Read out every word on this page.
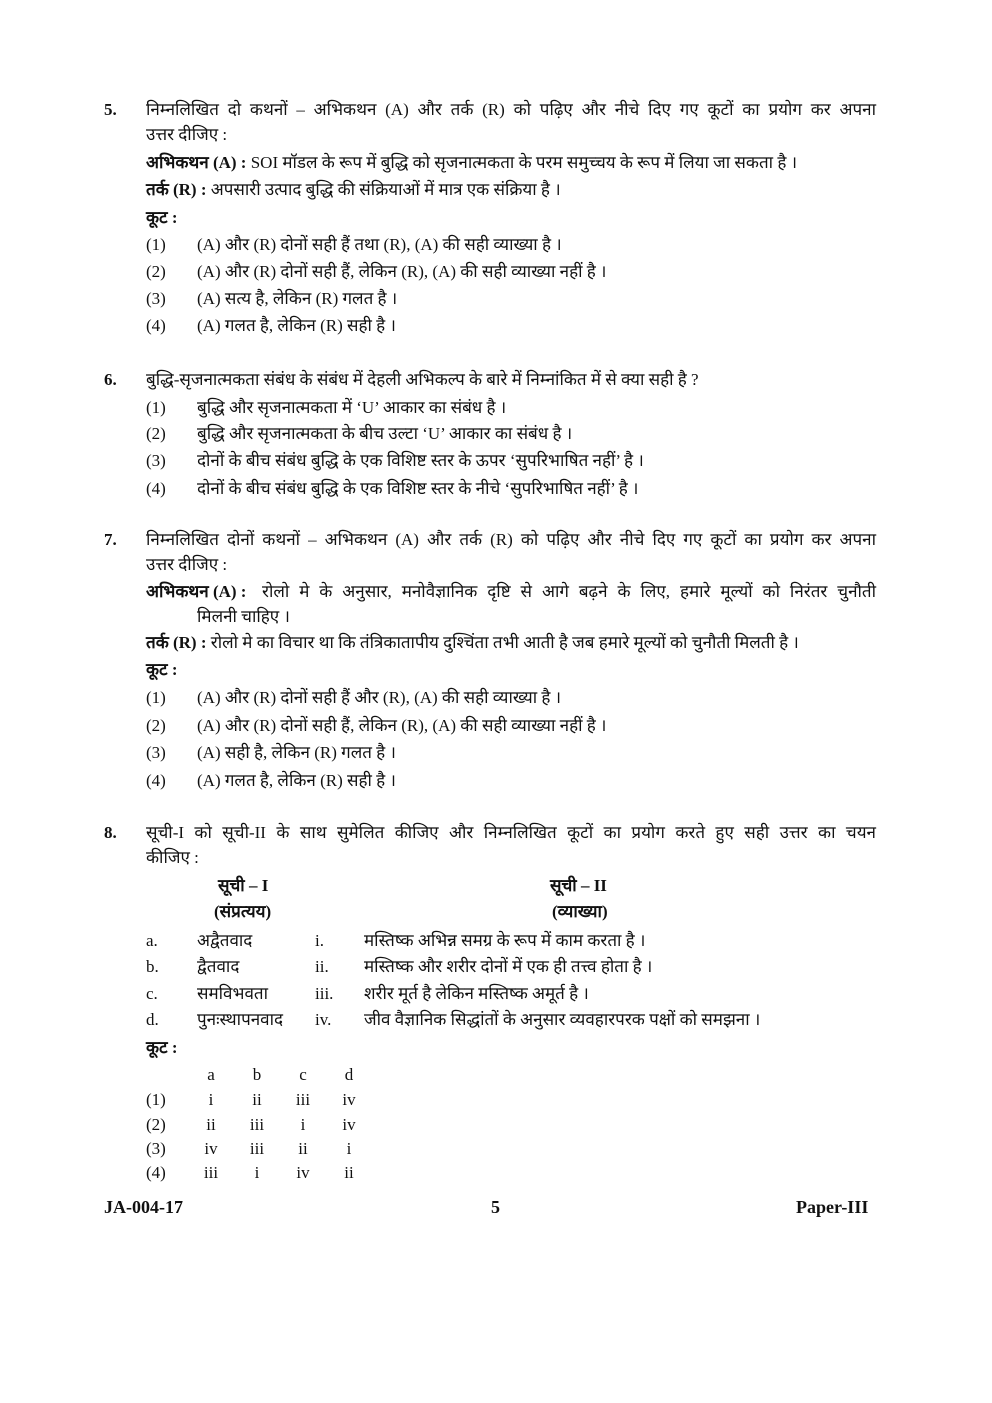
5. निम्नलिखित दो कथनों – अभिकथन (A) और तर्क (R) को पढ़िए और नीचे दिए गए कूटों का प्रयोग कर अपना
उत्तर दीजिए :
अभिकथन (A) : SOI मॉडल के रूप में बुद्धि को सृजनात्मकता के परम समुच्चय के रूप में लिया जा सकता है ।
तर्क (R) : अपसारी उत्पाद बुद्धि की संक्रियाओं में मात्र एक संक्रिया है ।
कूट :
(1) (A) और (R) दोनों सही हैं तथा (R), (A) की सही व्याख्या है ।
(2) (A) और (R) दोनों सही हैं, लेकिन (R), (A) की सही व्याख्या नहीं है ।
(3) (A) सत्य है, लेकिन (R) गलत है ।
(4) (A) गलत है, लेकिन (R) सही है ।
6. बुद्धि-सृजनात्मकता संबंध के संबंध में देहली अभिकल्प के बारे में निम्नांकित में से क्या सही है ?
(1) बुद्धि और सृजनात्मकता में ‘U’ आकार का संबंध है ।
(2) बुद्धि और सृजनात्मकता के बीच उल्टा ‘U’ आकार का संबंध है ।
(3) दोनों के बीच संबंध बुद्धि के एक विशिष्ट स्तर के ऊपर ‘सुपरिभाषित नहीं’ है ।
(4) दोनों के बीच संबंध बुद्धि के एक विशिष्ट स्तर के नीचे ‘सुपरिभाषित नहीं’ है ।
7. निम्नलिखित दोनों कथनों – अभिकथन (A) और तर्क (R) को पढ़िए और नीचे दिए गए कूटों का प्रयोग कर अपना
उत्तर दीजिए :
अभिकथन (A) : रोलो मे के अनुसार, मनोवैज्ञानिक दृष्टि से आगे बढ़ने के लिए, हमारे मूल्यों को निरंतर चुनौती
मिलनी चाहिए ।
तर्क (R) : रोलो मे का विचार था कि तंत्रिकातापीय दुश्चिंता तभी आती है जब हमारे मूल्यों को चुनौती मिलती है ।
कूट :
(1) (A) और (R) दोनों सही हैं और (R), (A) की सही व्याख्या है ।
(2) (A) और (R) दोनों सही हैं, लेकिन (R), (A) की सही व्याख्या नहीं है ।
(3) (A) सही है, लेकिन (R) गलत है ।
(4) (A) गलत है, लेकिन (R) सही है ।
8. सूची-I को सूची-II के साथ सुमेलित कीजिए और निम्नलिखित कूटों का प्रयोग करते हुए सही उत्तर का चयन
कीजिए :
सूची – I
(संप्रत्यय)
सूची – II
(व्याख्या)
a. अद्वैतवाद	i. मस्तिष्क अभिन्न समग्र के रूप में काम करता है ।
b. द्वैतवाद	ii. मस्तिष्क और शरीर दोनों में एक ही तत्त्व होता है ।
c. समविभवता	iii. शरीर मूर्त है लेकिन मस्तिष्क अमूर्त है ।
d. पुनःस्थापनवाद iv. जीव वैज्ञानिक सिद्धांतों के अनुसार व्यवहारपरक पक्षों को समझना ।
कूट :
a b c d
(1)	i ii iii iv
(2) ii iii i iv
(3) iv iii ii i
(4) iii i iv ii
JA-004-17	5	Paper-III
